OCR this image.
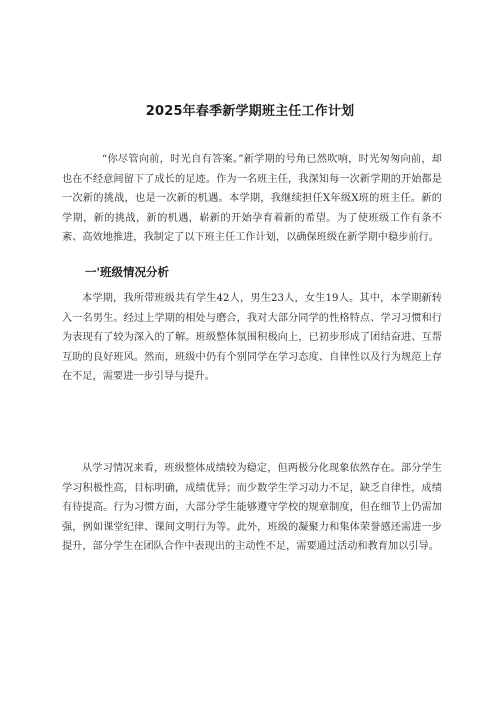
2025年春季新学期班主任工作计划

“你尽管向前，时光自有答案。”新学期的号角已然吹响，时光匆匆向前，却也在不经意间留下了成长的足迹。作为一名班主任，我深知每一次新学期的开始都是一次新的挑战，也是一次新的机遇。本学期，我继续担任X年级X班的班主任。新的学期，新的挑战，新的机遇，崭新的开始孕育着新的希望。为了使班级工作有条不紊、高效地推进，我制定了以下班主任工作计划，以确保班级在新学期中稳步前行。

一'班级情况分析

本学期，我所带班级共有学生42人，男生23人，女生19人。其中，本学期新转入一名男生。经过上学期的相处与磨合，我对大部分同学的性格特点、学习习惯和行为表现有了较为深入的了解。班级整体氛围积极向上，已初步形成了团结奋进、互帮互助的良好班风。然而，班级中仍有个别同学在学习态度、自律性以及行为规范上存在不足，需要进一步引导与提升。

从学习情况来看，班级整体成绩较为稳定，但两极分化现象依然存在。部分学生学习积极性高，目标明确，成绩优异；而少数学生学习动力不足，缺乏自律性，成绩有待提高。行为习惯方面，大部分学生能够遵守学校的规章制度，但在细节上仍需加强，例如课堂纪律、课间文明行为等。此外，班级的凝聚力和集体荣誉感还需进一步提升，部分学生在团队合作中表现出的主动性不足，需要通过活动和教育加以引导。
